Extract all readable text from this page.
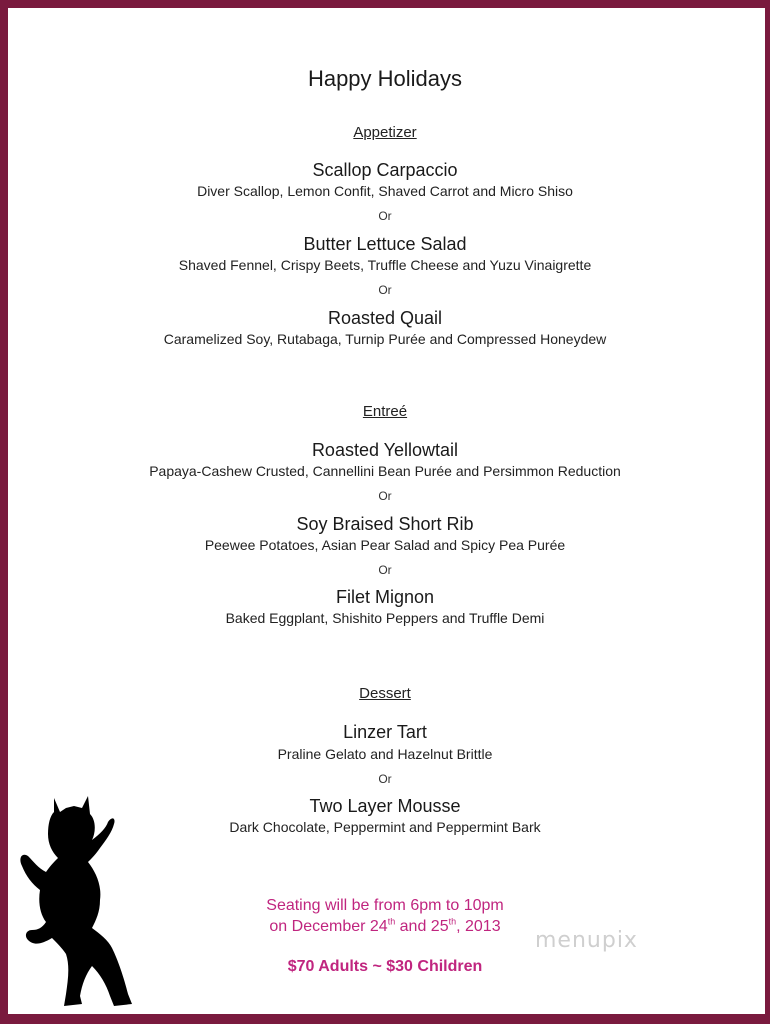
Happy Holidays
Appetizer
Scallop Carpaccio
Diver Scallop, Lemon Confit, Shaved Carrot and Micro Shiso
Or
Butter Lettuce Salad
Shaved Fennel, Crispy Beets, Truffle Cheese and Yuzu Vinaigrette
Or
Roasted Quail
Caramelized Soy, Rutabaga, Turnip Purée and Compressed Honeydew
Entreé
Roasted Yellowtail
Papaya-Cashew Crusted, Cannellini Bean Purée and Persimmon Reduction
Or
Soy Braised Short Rib
Peewee Potatoes, Asian Pear Salad and Spicy Pea Purée
Or
Filet Mignon
Baked Eggplant, Shishito Peppers and Truffle Demi
Dessert
Linzer Tart
Praline Gelato and Hazelnut Brittle
Or
Two Layer Mousse
Dark Chocolate, Peppermint and Peppermint Bark
Seating will be from 6pm to 10pm
on December 24th and 25th, 2013
$70 Adults ~ $30 Children
menupix
